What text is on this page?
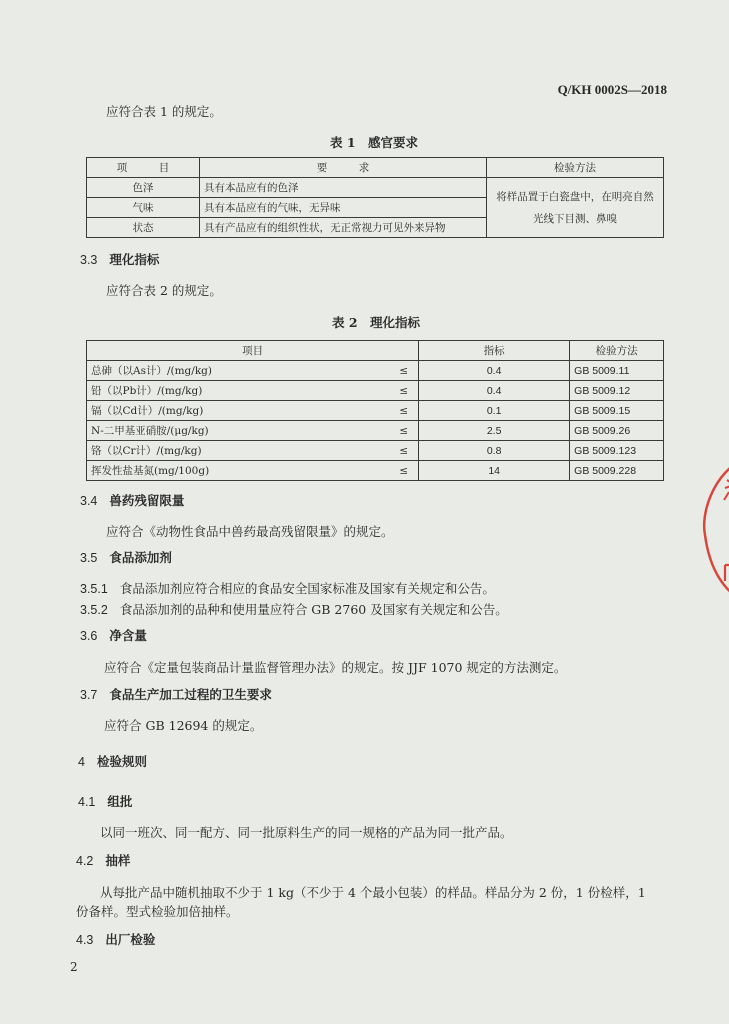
Q/KH 0002S—2018
应符合表 1 的规定。
表 1　感官要求
项　　　目	要　　　求	检验方法
色泽	具有本品应有的色泽	将样品置于白瓷盘中，在明亮自然光线下目测、鼻嗅
气味	具有本品应有的气味，无异味	
状态	具有产品应有的组织性状，无正常视力可见外来异物	
3.3 理化指标
应符合表 2 的规定。
表 2　理化指标
项目		指标	检验方法
总砷（以As计）/(mg/kg)	≤	0.4	GB 5009.11
铅（以Pb计）/(mg/kg)	≤	0.4	GB 5009.12
镉（以Cd计）/(mg/kg)	≤	0.1	GB 5009.15
N-二甲基亚硝胺/(μg/kg)	≤	2.5	GB 5009.26
铬（以Cr计）/(mg/kg)	≤	0.8	GB 5009.123
挥发性盐基氮(mg/100g)	≤	14	GB 5009.228
3.4 兽药残留限量
应符合《动物性食品中兽药最高残留限量》的规定。
3.5 食品添加剂
3.5.1 食品添加剂应符合相应的食品安全国家标准及国家有关规定和公告。
3.5.2 食品添加剂的品种和使用量应符合 GB 2760 及国家有关规定和公告。
3.6 净含量
应符合《定量包装商品计量监督管理办法》的规定。按 JJF 1070 规定的方法测定。
3.7 食品生产加工过程的卫生要求
应符合 GB 12694 的规定。
4 检验规则
4.1 组批
以同一班次、同一配方、同一批原料生产的同一规格的产品为同一批产品。
4.2 抽样
从每批产品中随机抽取不少于 1 kg（不少于 4 个最小包装）的样品。样品分为 2 份，1 份检样，1
份备样。型式检验加倍抽样。
4.3 出厂检验
2
